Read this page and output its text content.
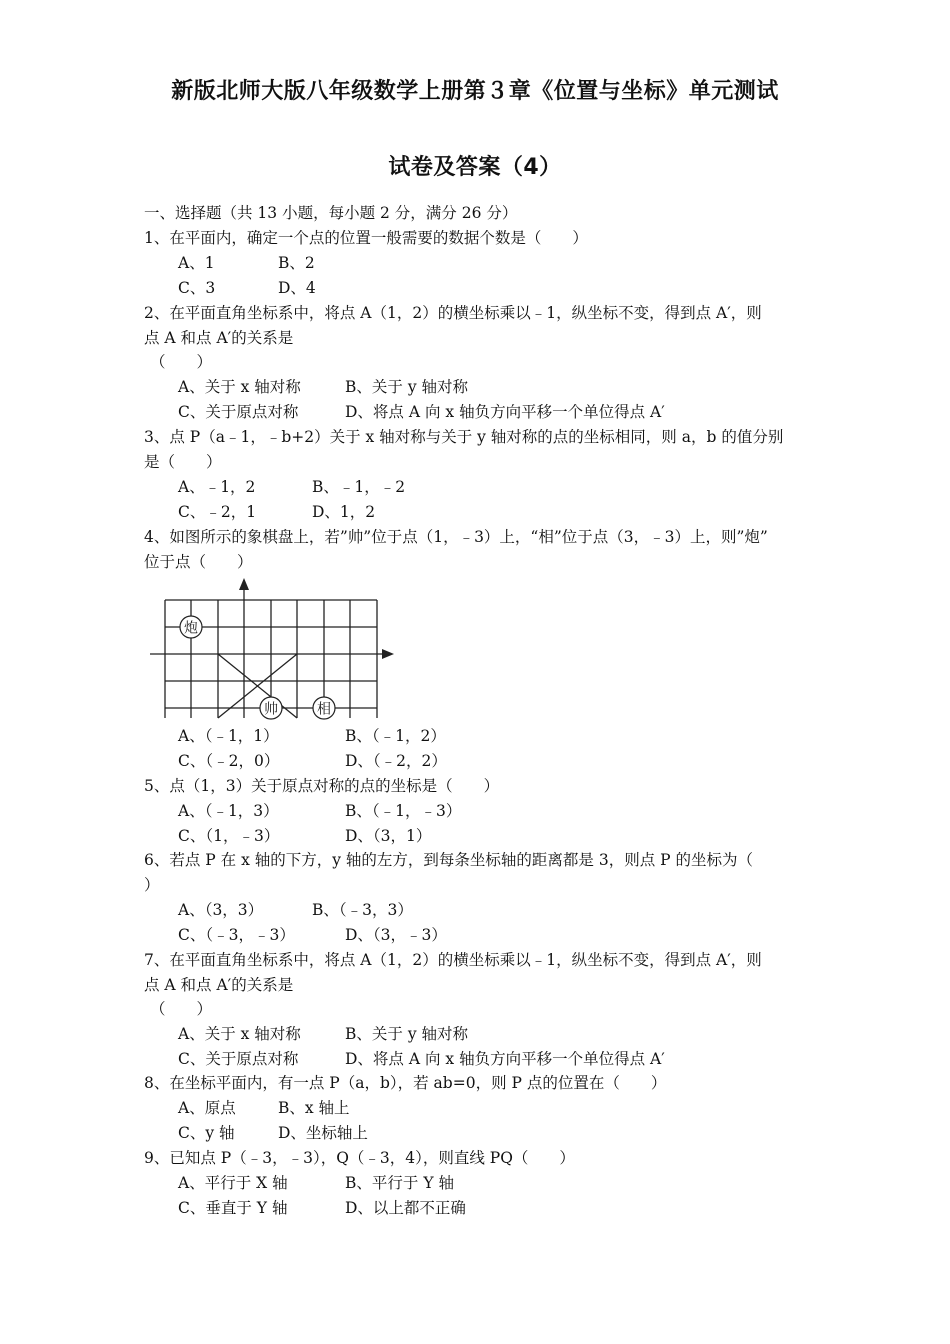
新版北师大版八年级数学上册第３章《位置与坐标》单元测试
试卷及答案（4）
一、选择题（共 13 小题，每小题 2 分，满分 26 分）
1、在平面内，确定一个点的位置一般需要的数据个数是（　　）
A、1	B、2
C、3	D、4
2、在平面直角坐标系中，将点 A（1，2）的横坐标乘以﹣1，纵坐标不变，得到点 A′，则
点 A 和点 A′的关系是
（　　）
A、关于 x 轴对称	B、关于 y 轴对称
C、关于原点对称	D、将点 A 向 x 轴负方向平移一个单位得点 A′
3、点 P（a﹣1，﹣b+2）关于 x 轴对称与关于 y 轴对称的点的坐标相同，则 a，b 的值分别
是（　　）
A、﹣1，2	B、﹣1，﹣2
C、﹣2，1	D、1，2
4、如图所示的象棋盘上，若”帅”位于点（1，﹣3）上，“相”位于点（3，﹣3）上，则”炮”
位于点（　　）
炮
帅	相
A、（﹣1，1）	B、（﹣1，2）
C、（﹣2，0）	D、（﹣2，2）
5、点（1，3）关于原点对称的点的坐标是（　　）
A、（﹣1，3）	B、（﹣1，﹣3）
C、（1，﹣3）	D、（3，1）
6、若点 P 在 x 轴的下方，y 轴的左方，到每条坐标轴的距离都是 3，则点 P 的坐标为（
）
A、（3，3）	B、（﹣3，3）
C、（﹣3，﹣3）	D、（3，﹣3）
7、在平面直角坐标系中，将点 A（1，2）的横坐标乘以﹣1，纵坐标不变，得到点 A′，则
点 A 和点 A′的关系是
（　　）
A、关于 x 轴对称	B、关于 y 轴对称
C、关于原点对称	D、将点 A 向 x 轴负方向平移一个单位得点 A′
8、在坐标平面内，有一点 P（a，b），若 ab=0，则 P 点的位置在（　　）
A、原点	B、x 轴上
C、y 轴	D、坐标轴上
9、已知点 P（﹣3，﹣3），Q（﹣3，4），则直线 PQ（　　）
A、平行于 X 轴	B、平行于 Y 轴
C、垂直于 Y 轴	D、以上都不正确
